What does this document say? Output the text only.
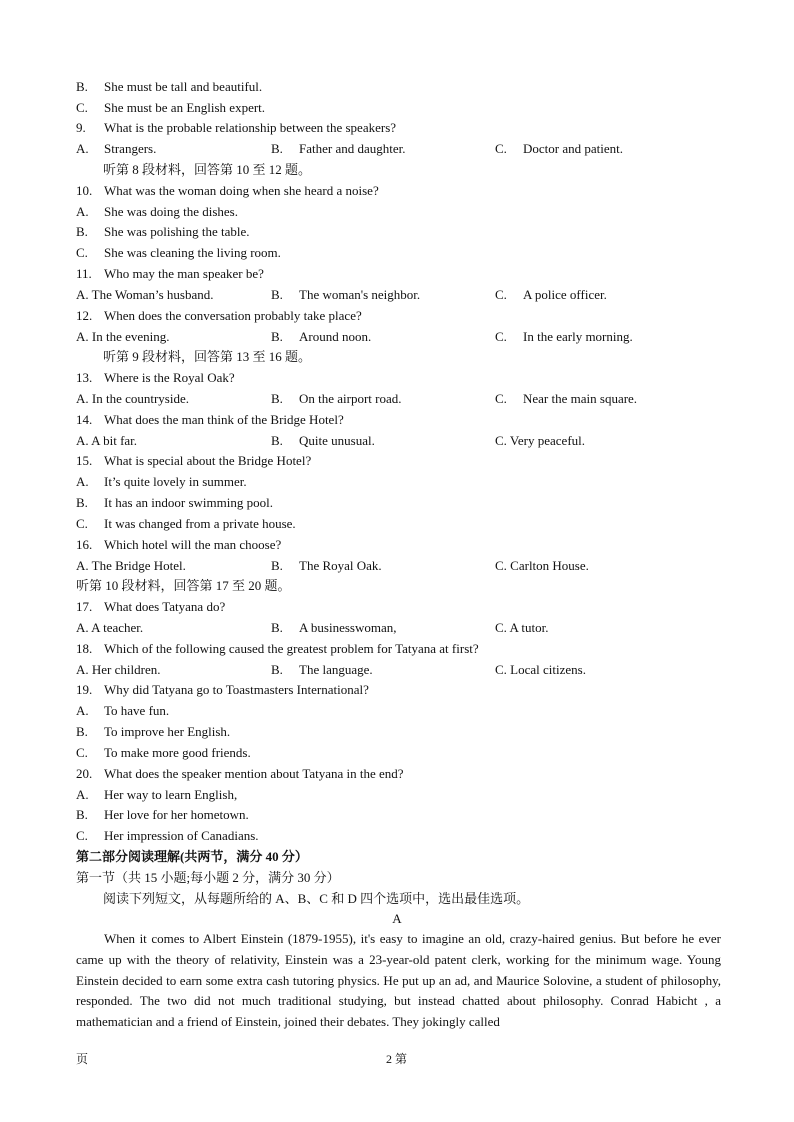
B. She must be tall and beautiful.
C. She must be an English expert.
9. What is the probable relationship between the speakers?
A. Strangers.	B. Father and daughter.	C. Doctor and patient.
听第 8 段材料，回答第 10 至 12 题。
10. What was the woman doing when she heard a noise?
A. She was doing the dishes.
B. She was polishing the table.
C. She was cleaning the living room.
11. Who may the man speaker be?
A. The Woman’s husband.	B. The woman's neighbor.	C. A police officer.
12. When does the conversation probably take place?
A. In the evening.	B. Around noon.	C. In the early morning.
听第 9 段材料，回答第 13 至 16 题。
13. Where is the Royal Oak?
A. In the countryside.	B. On the airport road.	C. Near the main square.
14. What does the man think of the Bridge Hotel?
A. A bit far.	B. Quite unusual.	C. Very peaceful.
15. What is special about the Bridge Hotel?
A. It’s quite lovely in summer.
B. It has an indoor swimming pool.
C. It was changed from a private house.
16. Which hotel will the man choose?
A. The Bridge Hotel.	B. The Royal Oak.	C. Carlton House.
听第 10 段材料，回答第 17 至 20 题。
17. What does Tatyana do?
A. A teacher.	B. A businesswoman,	C. A tutor.
18. Which of the following caused the greatest problem for Tatyana at first?
A. Her children.	B. The language.	C. Local citizens.
19. Why did Tatyana go to Toastmasters International?
A. To have fun.
B. To improve her English.
C. To make more good friends.
20. What does the speaker mention about Tatyana in the end?
A. Her way to learn English,
B. Her love for her hometown.
C. Her impression of Canadians.
第二部分阅读理解(共两节，满分 40 分）
第一节（共 15 小题;每小题 2 分，满分 30 分）
阅读下列短文，从每题所给的 A、B、C 和 D 四个选项中，选出最佳选项。
A
When it comes to Albert Einstein (1879-1955), it's easy to imagine an old, crazy-haired genius. But before he ever came up with the theory of relativity, Einstein was a 23-year-old patent clerk, working for the minimum wage. Young Einstein decided to earn some extra cash tutoring physics. He put up an ad, and Maurice Solovine, a student of philosophy, responded. The two did not much traditional studying, but instead chatted about philosophy. Conrad Habicht , a mathematician and a friend of Einstein, joined their debates. They jokingly called
页	2 第
